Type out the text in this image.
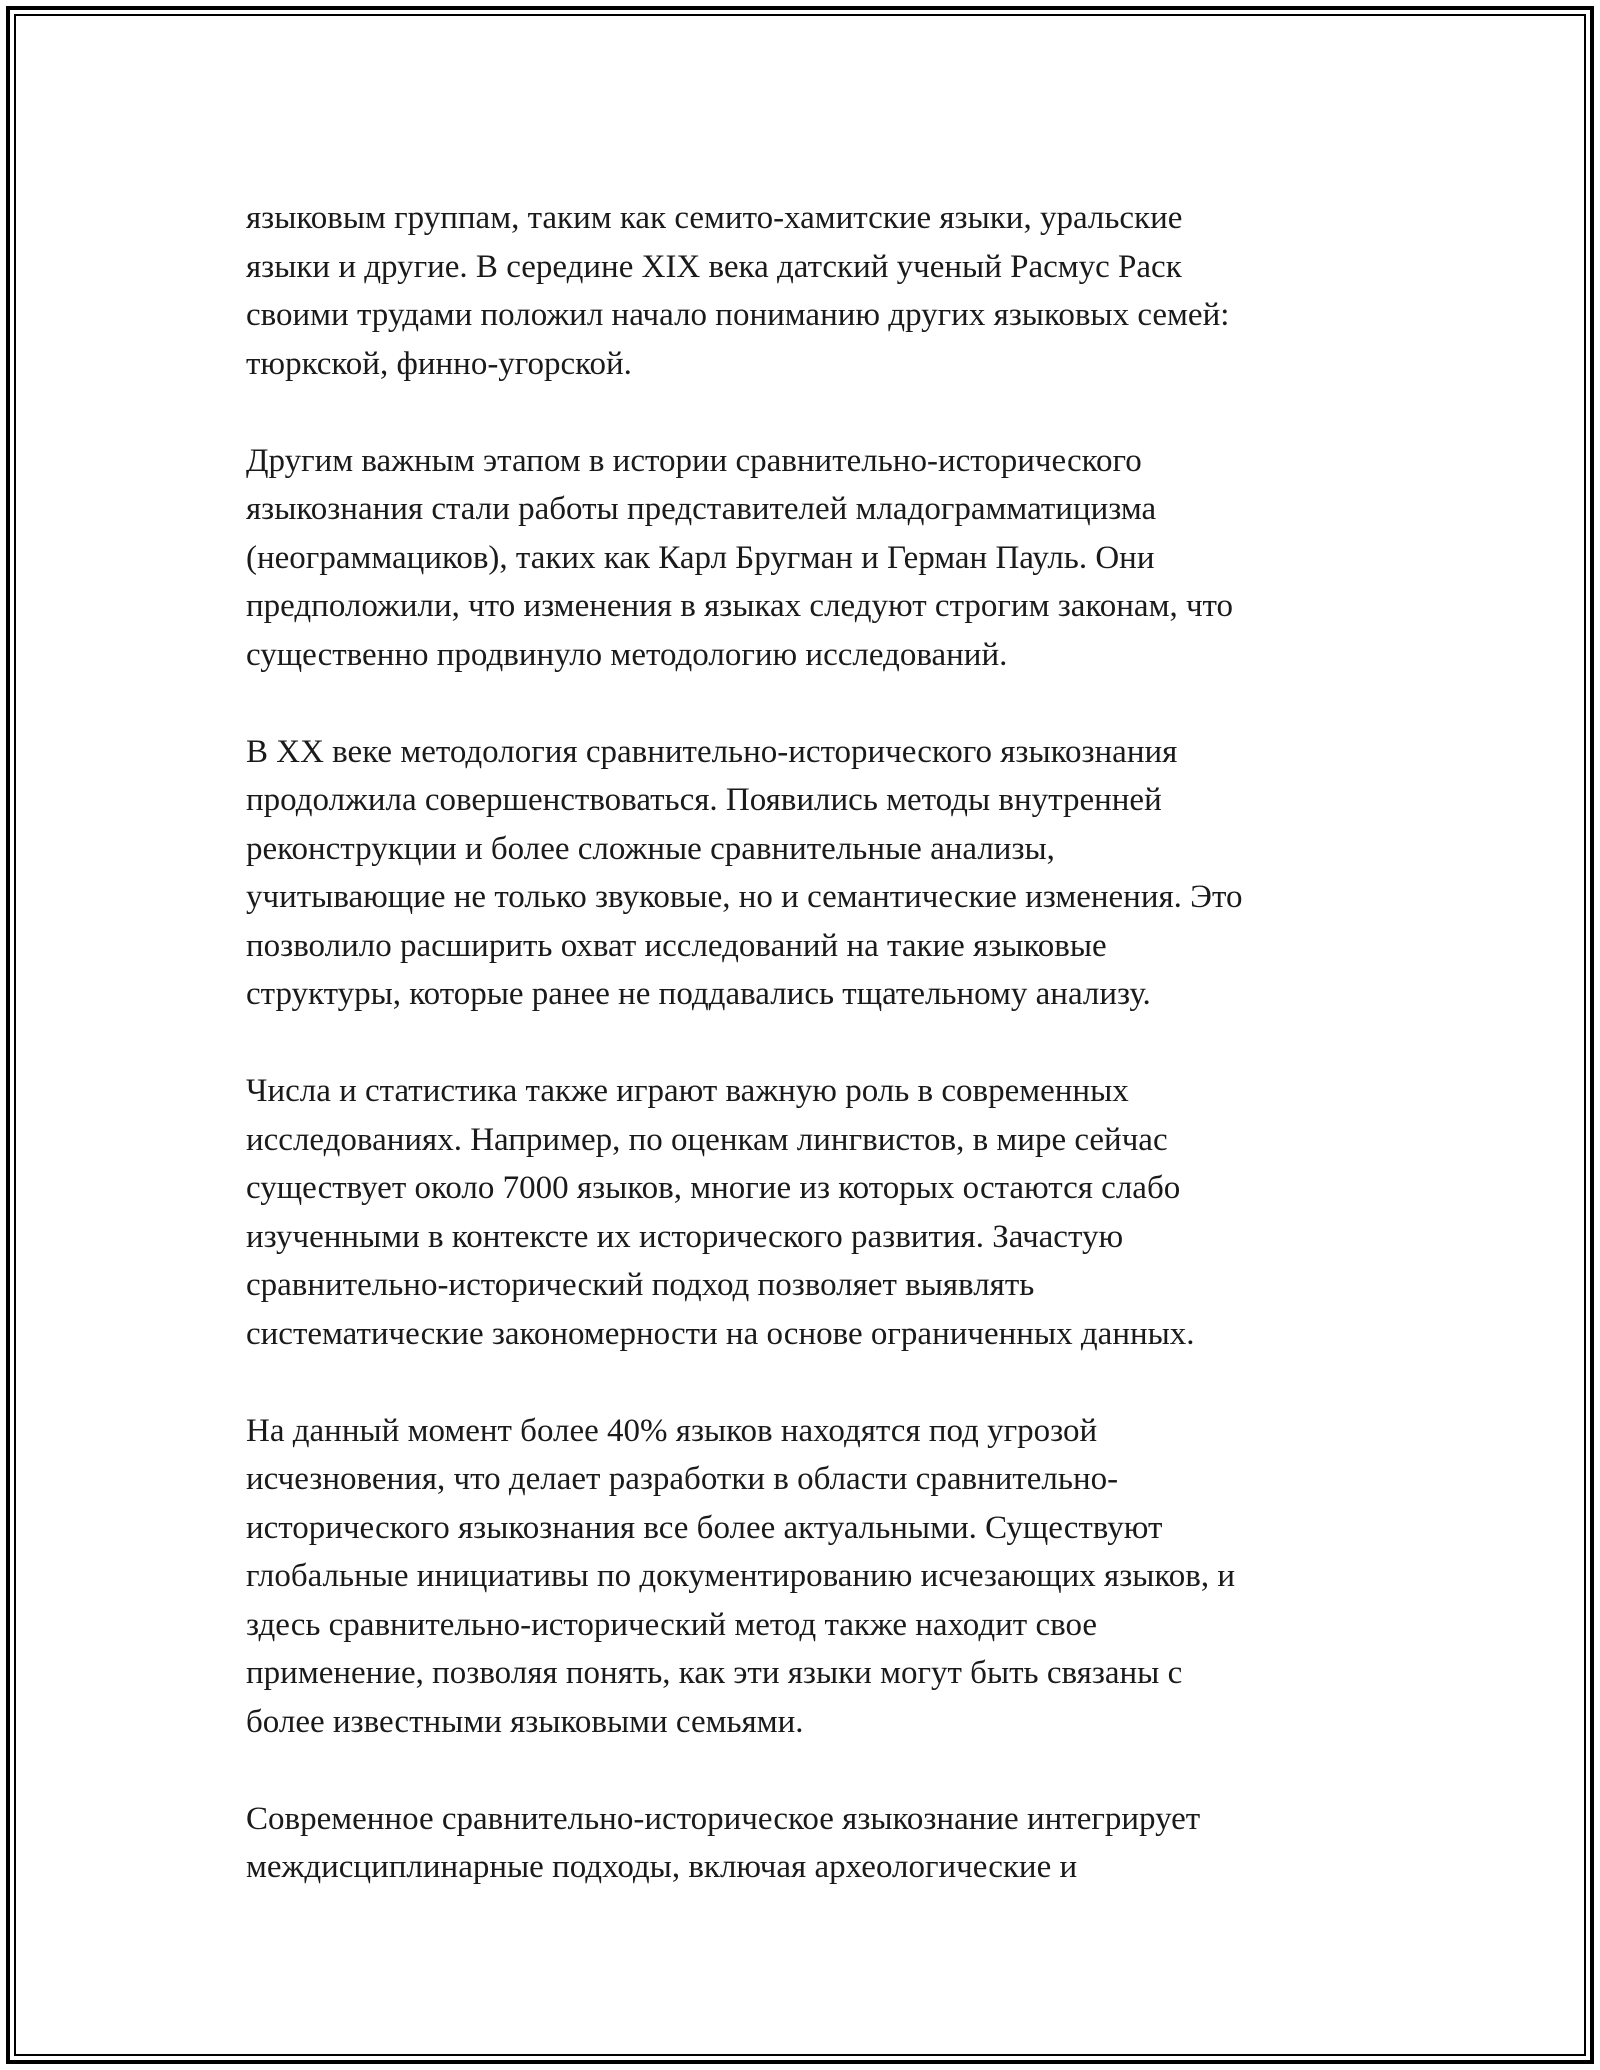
языковым группам, таким как семито-хамитские языки, уральские
языки и другие. В середине XIX века датский ученый Расмус Раск
своими трудами положил начало пониманию других языковых семей:
тюркской, финно-угорской.

Другим важным этапом в истории сравнительно-исторического
языкознания стали работы представителей младограмматицизма
(неограммациков), таких как Карл Бругман и Герман Пауль. Они
предположили, что изменения в языках следуют строгим законам, что
существенно продвинуло методологию исследований.

В XX веке методология сравнительно-исторического языкознания
продолжила совершенствоваться. Появились методы внутренней
реконструкции и более сложные сравнительные анализы,
учитывающие не только звуковые, но и семантические изменения. Это
позволило расширить охват исследований на такие языковые
структуры, которые ранее не поддавались тщательному анализу.

Числа и статистика также играют важную роль в современных
исследованиях. Например, по оценкам лингвистов, в мире сейчас
существует около 7000 языков, многие из которых остаются слабо
изученными в контексте их исторического развития. Зачастую
сравнительно-исторический подход позволяет выявлять
систематические закономерности на основе ограниченных данных.

На данный момент более 40% языков находятся под угрозой
исчезновения, что делает разработки в области сравнительно-
исторического языкознания все более актуальными. Существуют
глобальные инициативы по документированию исчезающих языков, и
здесь сравнительно-исторический метод также находит свое
применение, позволяя понять, как эти языки могут быть связаны с
более известными языковыми семьями.

Современное сравнительно-историческое языкознание интегрирует
междисциплинарные подходы, включая археологические и
